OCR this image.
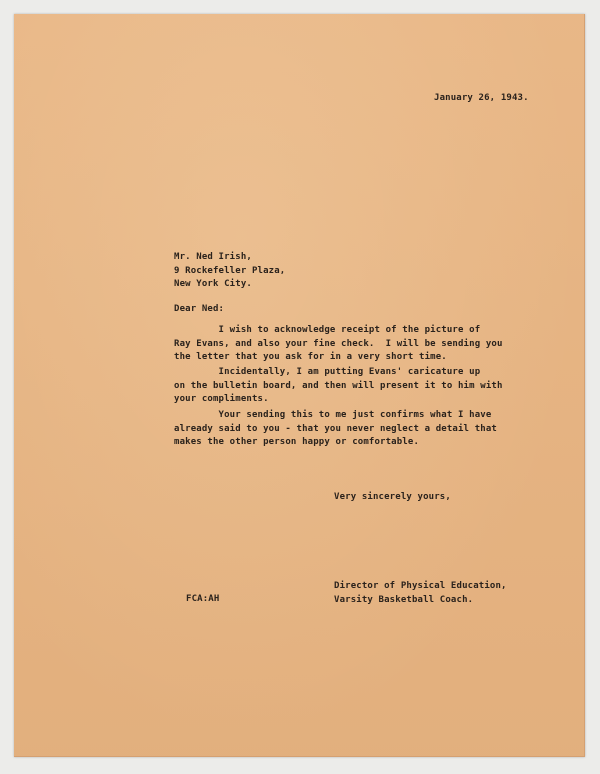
January 26, 1943.
Mr. Ned Irish,
9 Rockefeller Plaza,
New York City.
Dear Ned:
I wish to acknowledge receipt of the picture of
Ray Evans, and also your fine check.  I will be sending you
the letter that you ask for in a very short time.
Incidentally, I am putting Evans' caricature up
on the bulletin board, and then will present it to him with
your compliments.
Your sending this to me just confirms what I have
already said to you - that you never neglect a detail that
makes the other person happy or comfortable.
Very sincerely yours,
Director of Physical Education,
Varsity Basketball Coach.
FCA:AH
